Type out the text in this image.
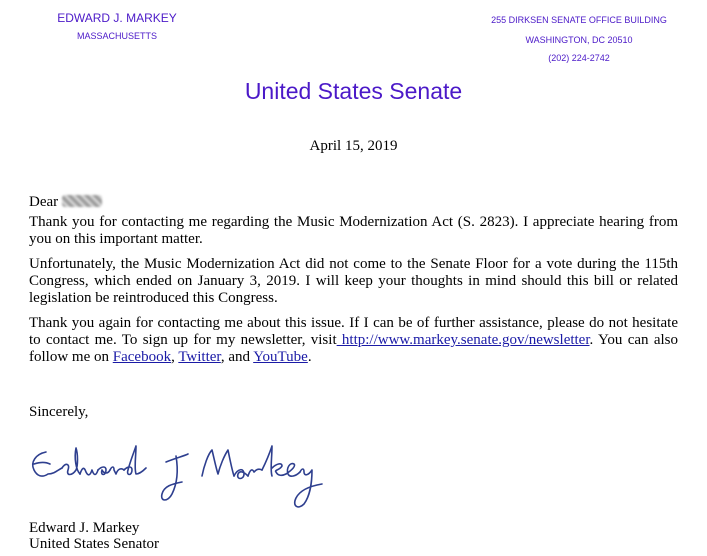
EDWARD J. MARKEY
MASSACHUSETTS
255 DIRKSEN SENATE OFFICE BUILDING
WASHINGTON, DC 20510
(202) 224-2742
United States Senate
April 15, 2019

Dear

Thank you for contacting me regarding the Music Modernization Act (S. 2823). I appreciate hearing from you on this important matter.

Unfortunately, the Music Modernization Act did not come to the Senate Floor for a vote during the 115th Congress, which ended on January 3, 2019. I will keep your thoughts in mind should this bill or related legislation be reintroduced this Congress.

Thank you again for contacting me about this issue. If I can be of further assistance, please do not hesitate to contact me. To sign up for my newsletter, visit http://www.markey.senate.gov/newsletter. You can also follow me on Facebook, Twitter, and YouTube.

Sincerely,
Edward J. Markey
United States Senator
